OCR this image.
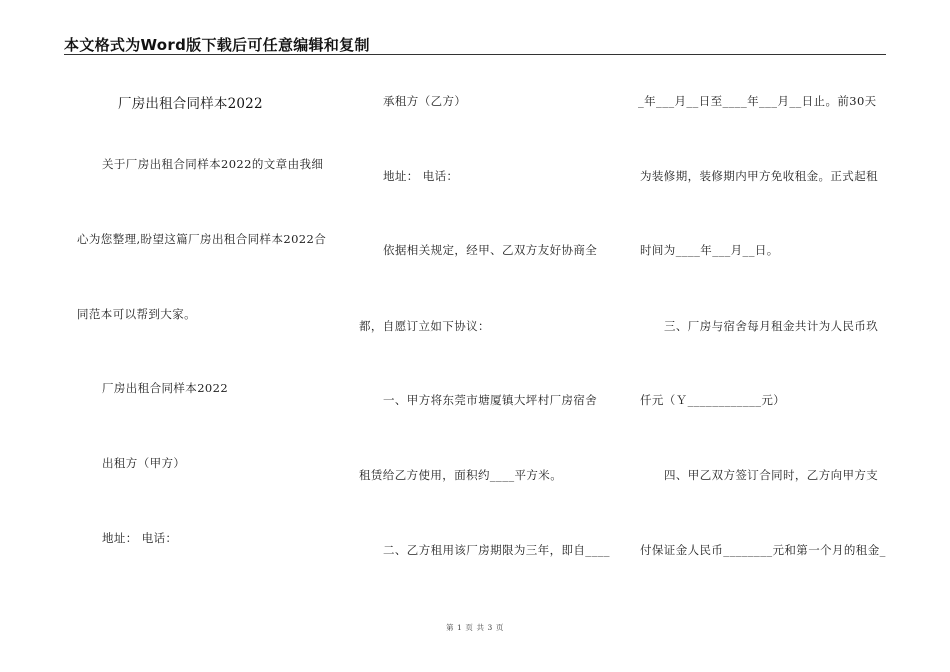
本文格式为Word版下载后可任意编辑和复制
厂房出租合同样本2022
关于厂房出租合同样本2022的文章由我细
心为您整理,盼望这篇厂房出租合同样本2022合
同范本可以帮到大家。
厂房出租合同样本2022
出租方（甲方）
地址： 电话：
承租方（乙方）
地址： 电话：
依据相关规定，经甲、乙双方友好协商全
都，自愿订立如下协议：
一、甲方将东莞市塘厦镇大坪村厂房宿舍
租赁给乙方使用，面积约____平方米。
二、乙方租用该厂房期限为三年，即自____
_年___月__日至____年___月__日止。前30天
为装修期，装修期内甲方免收租金。正式起租
时间为____年___月__日。
三、厂房与宿舍每月租金共计为人民币玖
仟元（Ｙ____________元）
四、甲乙双方签订合同时，乙方向甲方支
付保证金人民币________元和第一个月的租金_
第 1 页 共 3 页
